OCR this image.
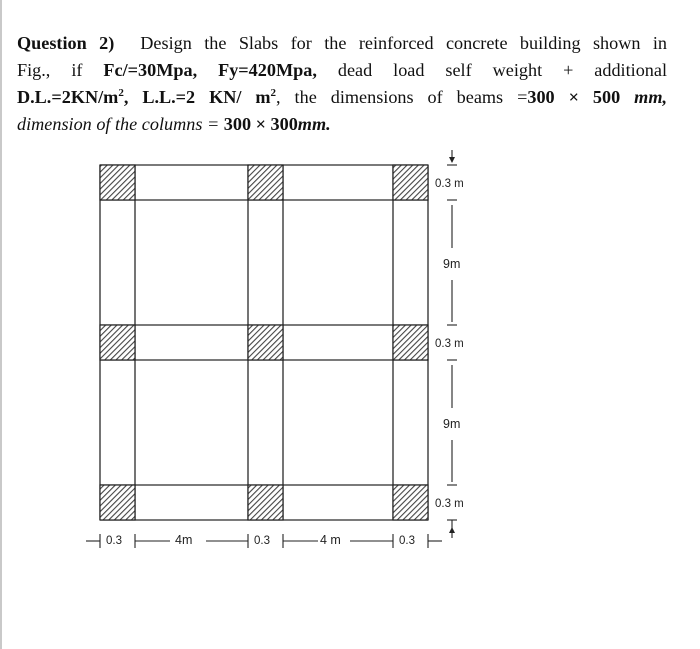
Question 2) Design the Slabs for the reinforced concrete building shown in
Fig., if Fc/=30Mpa, Fy=420Mpa, dead load self weight + additional
$D.L.=2KN/m^2$, L.L.=2 KN/ $m^2$, the dimensions of beams =300 × 500 mm,
dimension of the columns = 300 × 300mm.
0.3 m
9m
0.3 m
9m
0.3 m
0.3	4m	0.3	4 m	0.3
